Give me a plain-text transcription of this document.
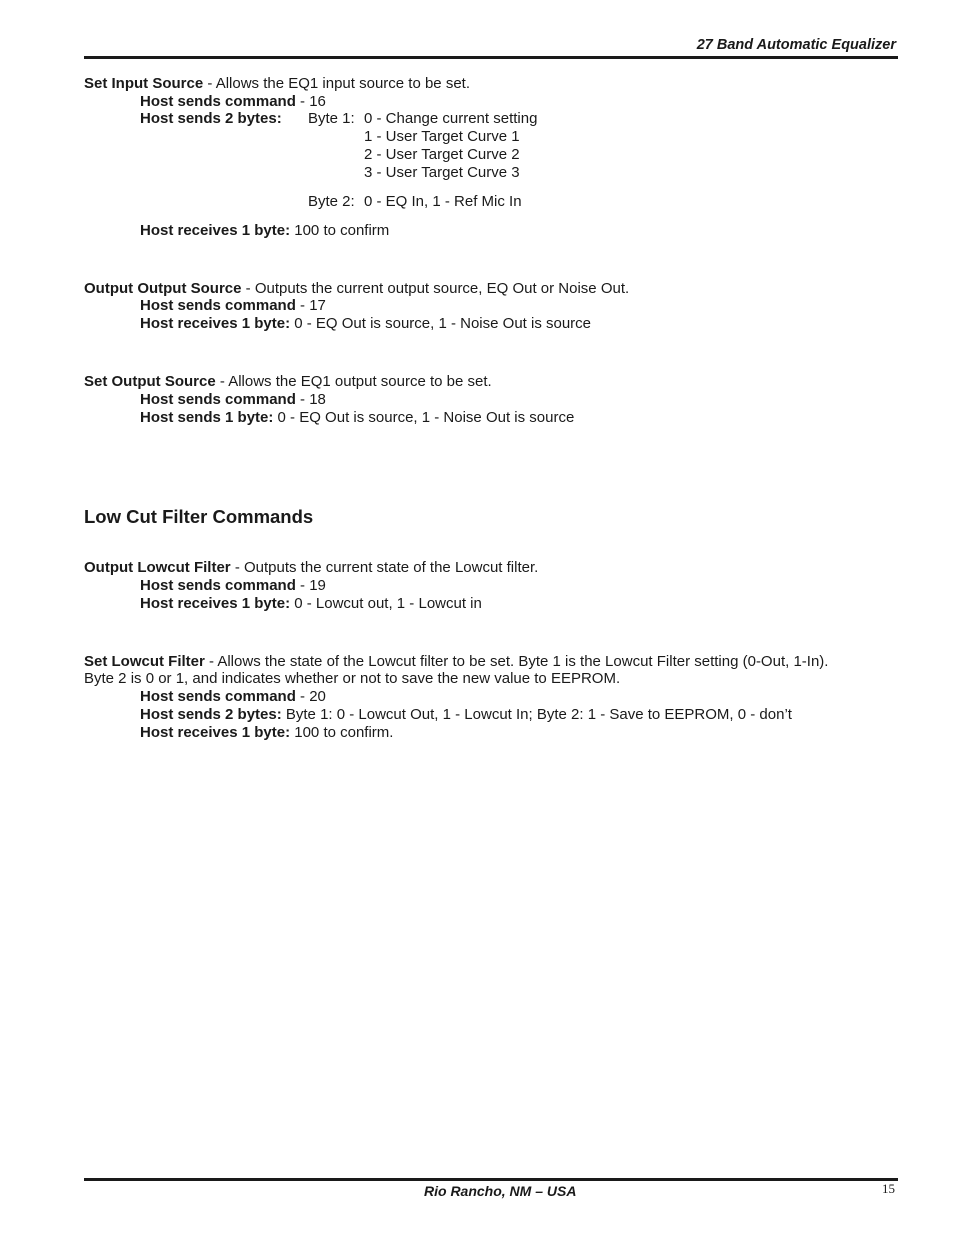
27 Band Automatic Equalizer
Set Input Source - Allows the EQ1 input source to be set.
Host sends command - 16
Host sends 2 bytes: Byte 1: 0 - Change current setting
1 - User Target Curve 1
2 - User Target Curve 2
3 - User Target Curve 3
Byte 2: 0 - EQ In, 1 - Ref Mic In
Host receives 1 byte: 100 to confirm
Output Output Source - Outputs the current output source, EQ Out or Noise Out.
Host sends command - 17
Host receives 1 byte: 0 - EQ Out is source, 1 - Noise Out is source
Set Output Source - Allows the EQ1 output source to be set.
Host sends command - 18
Host sends 1 byte: 0 - EQ Out is source, 1 - Noise Out is source
Low Cut Filter Commands
Output Lowcut Filter - Outputs the current state of the Lowcut filter.
Host sends command - 19
Host receives 1 byte: 0 - Lowcut out, 1 - Lowcut in
Set Lowcut Filter - Allows the state of the Lowcut filter to be set. Byte 1 is the Lowcut Filter setting (0-Out, 1-In).
Byte 2 is 0 or 1, and indicates whether or not to save the new value to EEPROM.
Host sends command - 20
Host sends 2 bytes: Byte 1: 0 - Lowcut Out, 1 - Lowcut In; Byte 2: 1 - Save to EEPROM, 0 - don’t
Host receives 1 byte: 100 to confirm.
Rio Rancho, NM – USA	15
